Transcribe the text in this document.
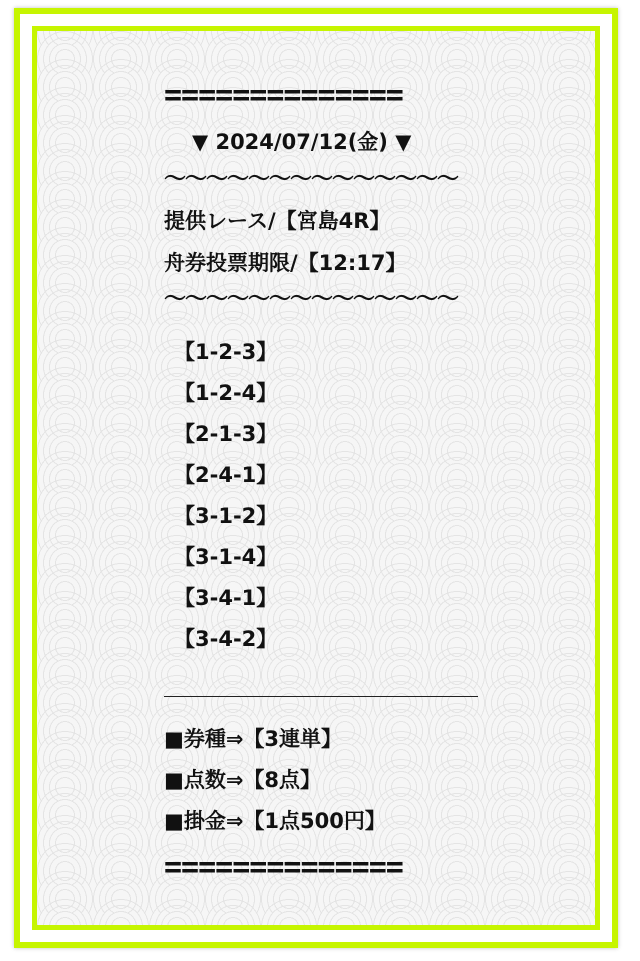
==============
▼ 2024/07/12(金) ▼
〜〜〜〜〜〜〜〜〜〜〜〜〜〜
提供レース/【宮島4R】
舟券投票期限/【12:17】
〜〜〜〜〜〜〜〜〜〜〜〜〜〜
【1-2-3】
【1-2-4】
【2-1-3】
【2-4-1】
【3-1-2】
【3-1-4】
【3-4-1】
【3-4-2】
■券種⇒【3連単】
■点数⇒【8点】
■掛金⇒【1点500円】
==============
